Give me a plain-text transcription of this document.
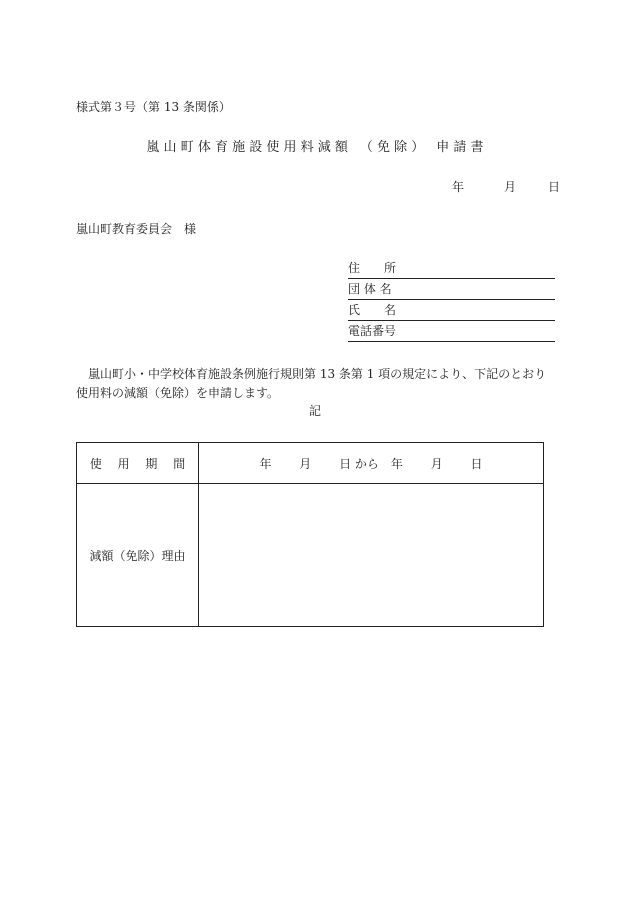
様式第３号（第 13 条関係）
嵐 山 町 体 育 施 設 使 用 料 減 額 （ 免 除 ） 申 請 書
年	月	日
嵐山町教育委員会　様
住　　所
団 体 名
氏　　名
電話番号
　嵐山町小・中学校体育施設条例施行規則第 13 条第 1 項の規定により、下記のとおり使用料の減額（免除）を申請します。
記
使　 用　 期　 間	年　　 月　　 日 から　年　　 月　　 日
減額（免除）理由	
